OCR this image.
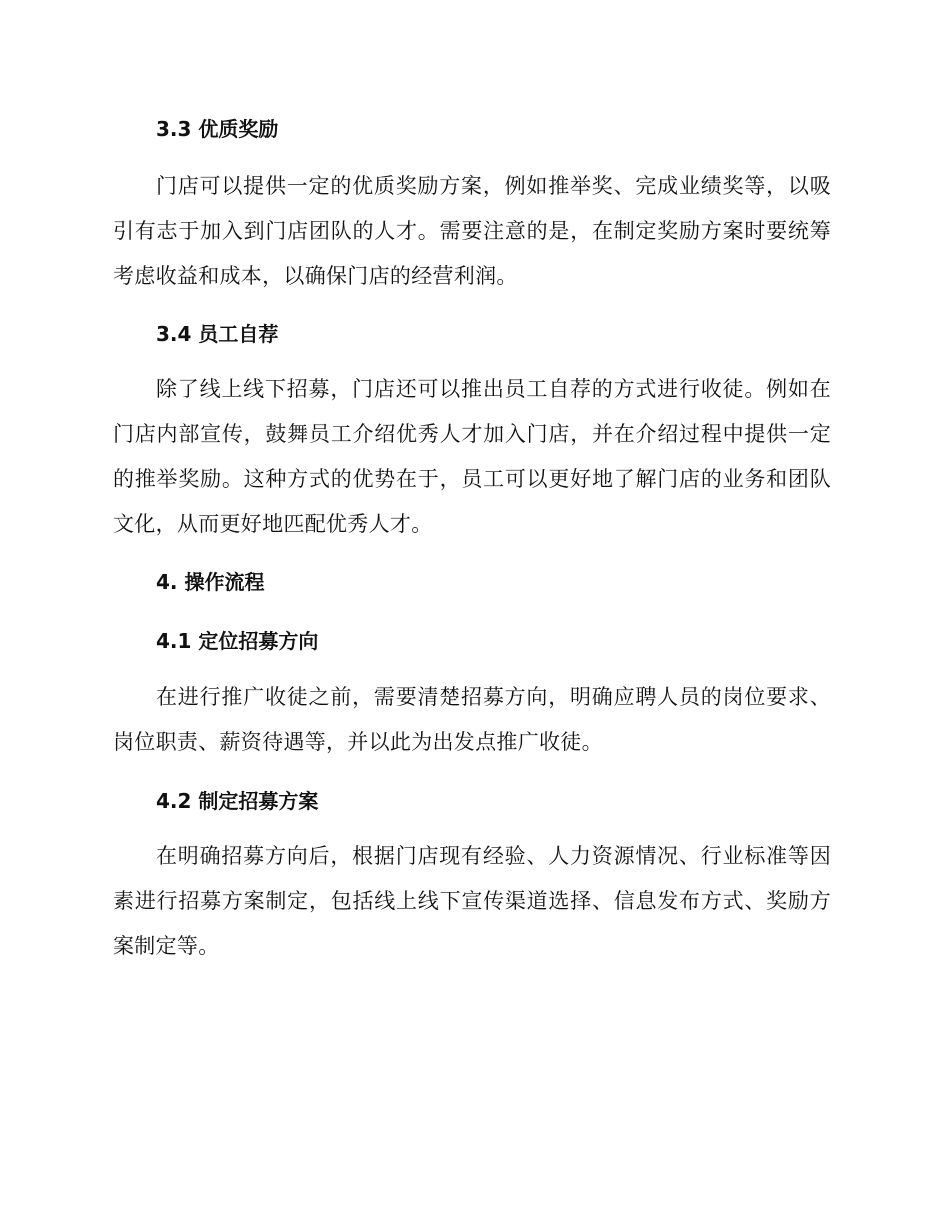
3.3 优质奖励

门店可以提供一定的优质奖励方案，例如推举奖、完成业绩奖等，以吸引有志于加入到门店团队的人才。需要注意的是，在制定奖励方案时要统筹考虑收益和成本，以确保门店的经营利润。

3.4 员工自荐

除了线上线下招募，门店还可以推出员工自荐的方式进行收徒。例如在门店内部宣传，鼓舞员工介绍优秀人才加入门店，并在介绍过程中提供一定的推举奖励。这种方式的优势在于，员工可以更好地了解门店的业务和团队文化，从而更好地匹配优秀人才。

4. 操作流程
4.1 定位招募方向

在进行推广收徒之前，需要清楚招募方向，明确应聘人员的岗位要求、岗位职责、薪资待遇等，并以此为出发点推广收徒。

4.2 制定招募方案

在明确招募方向后，根据门店现有经验、人力资源情况、行业标准等因素进行招募方案制定，包括线上线下宣传渠道选择、信息发布方式、奖励方案制定等。
